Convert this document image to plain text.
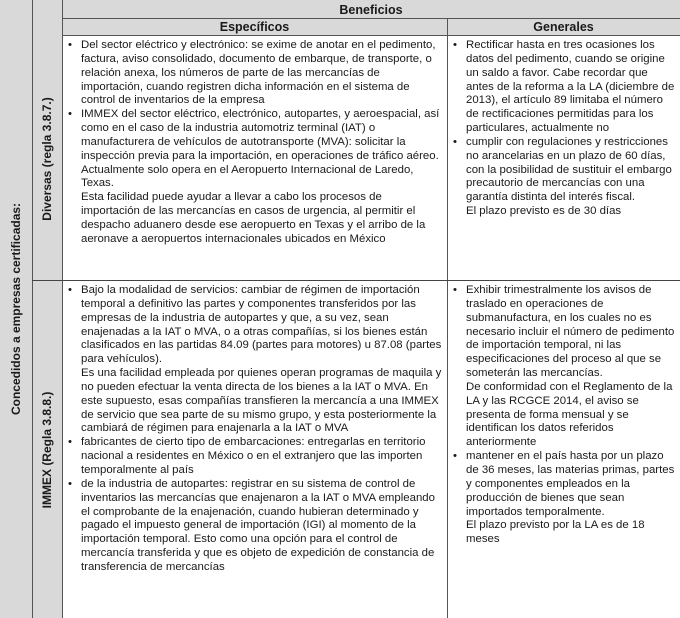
Concedidos a empresas certificadas:
Diversas (regla 3.8.7.)
IMMEX (Regla 3.8.8.)
Beneficios
Específicos	Generales
• Del sector eléctrico y electrónico: se exime de anotar en el pedimento, factura, aviso consolidado, documento de embarque, de transporte, o relación anexa, los números de parte de las mercancías de importación, cuando registren dicha información en el sistema de control de inventarios de la empresa
• IMMEX del sector eléctrico, electrónico, autopartes, y aeroespacial, así como en el caso de la industria automotriz terminal (IAT) o manufacturera de vehículos de autotransporte (MVA): solicitar la inspección previa para la importación, en operaciones de tráfico aéreo. Actualmente solo opera en el Aeropuerto Internacional de Laredo, Texas.
Esta facilidad puede ayudar a llevar a cabo los procesos de importación de las mercancías en casos de urgencia, al permitir el despacho aduanero desde ese aeropuerto en Texas y el arribo de la aeronave a aeropuertos internacionales ubicados en México
• Rectificar hasta en tres ocasiones los datos del pedimento, cuando se origine un saldo a favor. Cabe recordar que antes de la reforma a la LA (diciembre de 2013), el artículo 89 limitaba el número de rectificaciones permitidas para los particulares, actualmente no
• cumplir con regulaciones y restricciones no arancelarias en un plazo de 60 días, con la posibilidad de sustituir el embargo precautorio de mercancías con una garantía distinta del interés fiscal.
El plazo previsto es de 30 días
• Bajo la modalidad de servicios: cambiar de régimen de importación temporal a definitivo las partes y componentes transferidos por las empresas de la industria de autopartes y que, a su vez, sean enajenadas a la IAT o MVA, o a otras compañías, si los bienes están clasificados en las partidas 84.09 (partes para motores) u 87.08 (partes para vehículos).
Es una facilidad empleada por quienes operan programas de maquila y no pueden efectuar la venta directa de los bienes a la IAT o MVA. En este supuesto, esas compañías transfieren la mercancía a una IMMEX de servicio que sea parte de su mismo grupo, y esta posteriormente la cambiará de régimen para enajenarla a la IAT o MVA
• fabricantes de cierto tipo de embarcaciones: entregarlas en territorio nacional a residentes en México o en el extranjero que las importen temporalmente al país
• de la industria de autopartes: registrar en su sistema de control de inventarios las mercancías que enajenaron a la IAT o MVA empleando el comprobante de la enajenación, cuando hubieran determinado y pagado el impuesto general de importación (IGI) al momento de la importación temporal. Esto como una opción para el control de mercancía transferida y que es objeto de expedición de constancia de transferencia de mercancías
• Exhibir trimestralmente los avisos de traslado en operaciones de submanufactura, en los cuales no es necesario incluir el número de pedimento de importación temporal, ni las especificaciones del proceso al que se someterán las mercancías.
De conformidad con el Reglamento de la LA y las RCGCE 2014, el aviso se presenta de forma mensual y se identifican los datos referidos anteriormente
• mantener en el país hasta por un plazo de 36 meses, las materias primas, partes y componentes empleados en la producción de bienes que sean importados temporalmente.
El plazo previsto por la LA es de 18 meses
